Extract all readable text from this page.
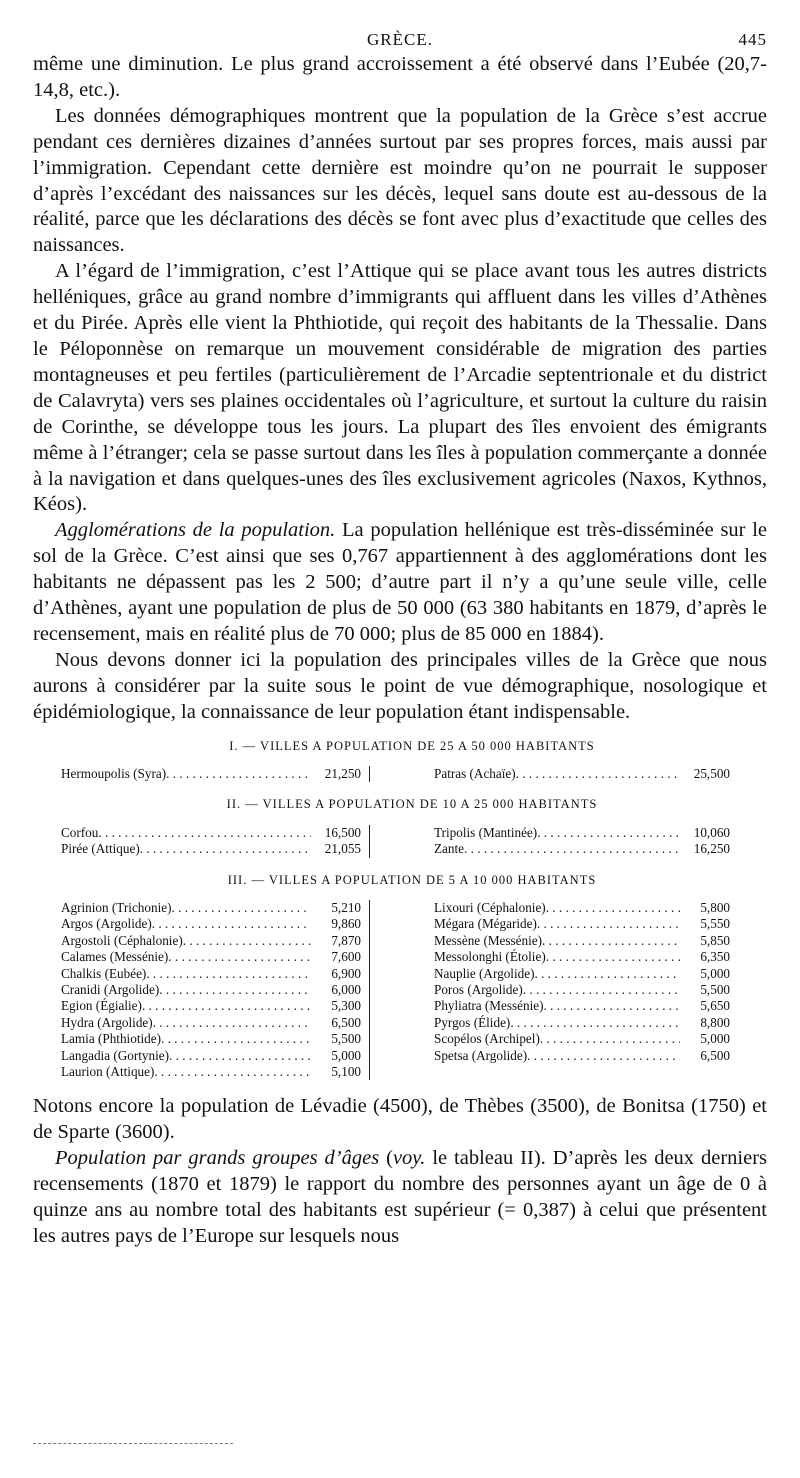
GRÈCE.	445

même une diminution. Le plus grand accroissement a été observé dans l’Eubée (20,7-14,8, etc.).

Les données démographiques montrent que la population de la Grèce s’est accrue pendant ces dernières dizaines d’années surtout par ses propres forces, mais aussi par l’immigration. Cependant cette dernière est moindre qu’on ne pourrait le supposer d’après l’excédant des naissances sur les décès, lequel sans doute est au-dessous de la réalité, parce que les déclarations des décès se font avec plus d’exactitude que celles des naissances.

A l’égard de l’immigration, c’est l’Attique qui se place avant tous les autres districts helléniques, grâce au grand nombre d’immigrants qui affluent dans les villes d’Athènes et du Pirée. Après elle vient la Phthiotide, qui reçoit des habitants de la Thessalie. Dans le Péloponnèse on remarque un mouvement considérable de migration des parties montagneuses et peu fertiles (particulièrement de l’Arcadie septentrionale et du district de Calavryta) vers ses plaines occidentales où l’agriculture, et surtout la culture du raisin de Corinthe, se développe tous les jours. La plupart des îles envoient des émigrants même à l’étranger; cela se passe surtout dans les îles à population commerçante a donnée à la navigation et dans quelques-unes des îles exclusivement agricoles (Naxos, Kythnos, Kéos).

Agglomérations de la population. La population hellénique est très-disséminée sur le sol de la Grèce. C’est ainsi que ses 0,767 appartiennent à des agglomérations dont les habitants ne dépassent pas les 2 500; d’autre part il n’y a qu’une seule ville, celle d’Athènes, ayant une population de plus de 50 000 (63 380 habitants en 1879, d’après le recensement, mais en réalité plus de 70 000; plus de 85 000 en 1884).

Nous devons donner ici la population des principales villes de la Grèce que nous aurons à considérer par la suite sous le point de vue démographique, nosologique et épidémiologique, la connaissance de leur population étant indispensable.

I. — VILLES A POPULATION DE 25 A 50 000 HABITANTS
Hermoupolis (Syra) . . .	21,250	Patras (Achaïe) . . .	25,500
II. — VILLES A POPULATION DE 10 A 25 000 HABITANTS
Corfou . . .	16,500
Pirée (Attique) . . .	21,055
Tripolis (Mantinée) . . .	10,060
Zante . . .	16,250
III. — VILLES A POPULATION DE 5 A 10 000 HABITANTS
Agrinion (Trichonie) . . .	5,210
Argos (Argolide) . . .	9,860
Argostoli (Céphalonie) . . .	7,870
Calames (Messénie) . . .	7,600
Chalkis (Eubée) . . .	6,900
Cranidi (Argolide) . . .	6,000
Egion (Égialie) . . .	5,300
Hydra (Argolide) . . .	6,500
Lamia (Phthiotide) . . .	5,500
Langadia (Gortynie) . . .	5,000
Laurion (Attique) . . .	5,100
Lixouri (Céphalonie) . . .	5,800
Mégara (Mégaride) . . .	5,550
Messène (Messénie) . . .	5,850
Messolonghi (Étolie) . . .	6,350
Nauplie (Argolide) . . .	5,000
Poros (Argolide) . . .	5,500
Phyliatra (Messénie) . . .	5,650
Pyrgos (Élide) . . .	8,800
Scopélos (Archipel) . . .	5,000
Spetsa (Argolide) . . .	6,500

Notons encore la population de Lévadie (4500), de Thèbes (3500), de Bonitsa (1750) et de Sparte (3600).

Population par grands groupes d’âges (voy. le tableau II). D’après les deux derniers recensements (1870 et 1879) le rapport du nombre des personnes ayant un âge de 0 à quinze ans au nombre total des habitants est supérieur (= 0,387) à celui que présentent les autres pays de l’Europe sur lesquels nous
